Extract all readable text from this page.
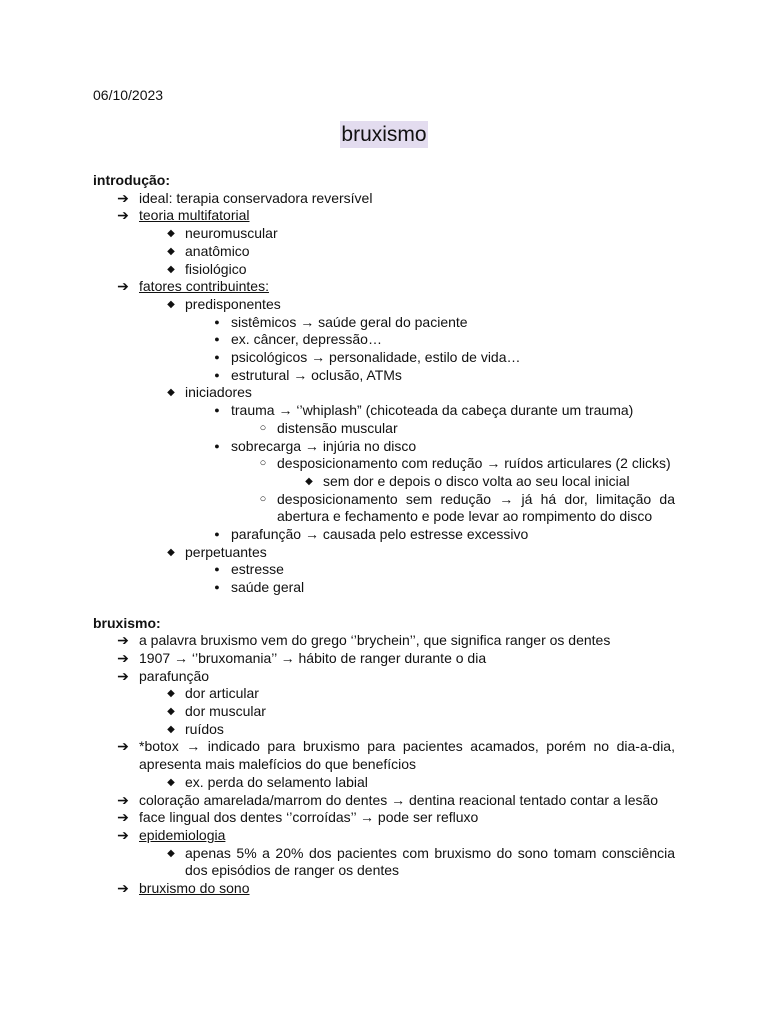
06/10/2023

bruxismo

introdução:

➔ ideal: terapia conservadora reversível
➔ teoria multifatorial
◆ neuromuscular
◆ anatômico
◆ fisiológico
➔ fatores contribuintes:
◆ predisponentes
● sistêmicos → saúde geral do paciente
● ex. câncer, depressão…
● psicológicos → personalidade, estilo de vida…
● estrutural → oclusão, ATMs
◆ iniciadores
● trauma → ‘’whiplash” (chicoteada da cabeça durante um trauma)
○ distensão muscular
● sobrecarga → injúria no disco
○ desposicionamento com redução → ruídos articulares (2 clicks)
◆ sem dor e depois o disco volta ao seu local inicial
○ desposicionamento sem redução → já há dor, limitação da abertura e fechamento e pode levar ao rompimento do disco
● parafunção → causada pelo estresse excessivo
◆ perpetuantes
● estresse
● saúde geral

bruxismo:

➔ a palavra bruxismo vem do grego ‘’brychein’’, que significa ranger os dentes
➔ 1907 → ‘’bruxomania’’ → hábito de ranger durante o dia
➔ parafunção
◆ dor articular
◆ dor muscular
◆ ruídos
➔ *botox → indicado para bruxismo para pacientes acamados, porém no dia-a-dia, apresenta mais malefícios do que benefícios
◆ ex. perda do selamento labial
➔ coloração amarelada/marrom do dentes → dentina reacional tentado contar a lesão
➔ face lingual dos dentes ‘’corroídas’’ → pode ser refluxo
➔ epidemiologia
◆ apenas 5% a 20% dos pacientes com bruxismo do sono tomam consciência dos episódios de ranger os dentes
➔ bruxismo do sono
